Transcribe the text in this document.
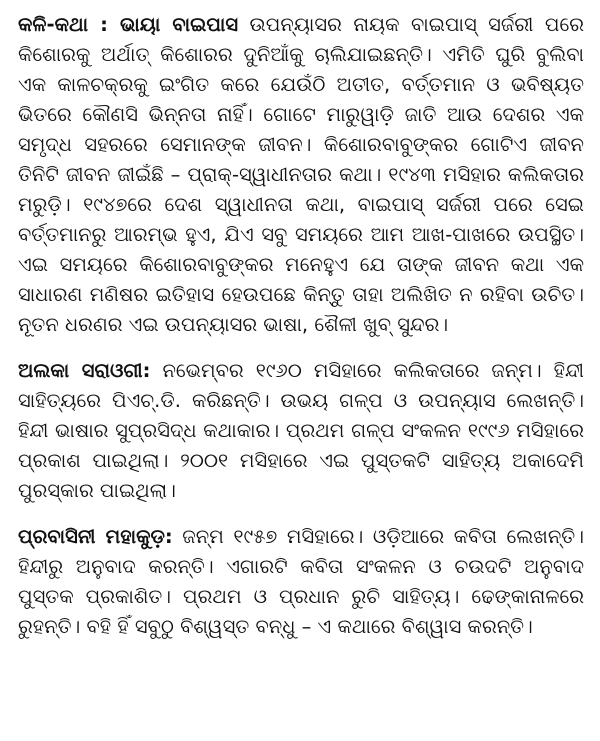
କଳି-କଥା : ଭାୟା ବାଇପାସ ଉପନ୍ୟାସର ନାୟକ ବାଇପାସ୍ ସର୍ଜରୀ ପରେ କିଶୋରକୁ ଅର୍ଥାତ୍ କିଶୋରର ଦୁନିଆଁକୁ ଚାଲିଯାଇଛନ୍ତି। ଏମିତି ଘୁରି ବୁଲିବା ଏକ କାଳଚକ୍ରକୁ ଇଂଗିତ କରେ ଯେଉଁଠି ଅତୀତ, ବର୍ତ୍ତମାନ ଓ ଭବିଷ୍ୟତ ଭିତରେ କୌଣସି ଭିନ୍ନତା ନାହିଁ। ଗୋଟେ ମାରୁୱାଡ଼ି ଜାତି ଆଉ ଦେଶର ଏକ ସମୃଦ୍ଧ ସହରରେ ସେମାନଙ୍କ ଜୀବନ। କିଶୋରବାବୁଙ୍କର ଗୋଟିଏ ଜୀବନ ତିନିଟି ଜୀବନ ଜୀଇଁଛି – ପ୍ରାକ୍-ସ୍ୱାଧୀନତାର କଥା। ୧୯୪୩ ମସିହାର କଲିକତାର ମରୁଡ଼ି। ୧୯୪୭ରେ ଦେଶ ସ୍ୱାଧୀନତା କଥା, ବାଇପାସ୍ ସର୍ଜରୀ ପରେ ସେଇ ବର୍ତ୍ତମାନରୁ ଆରମ୍ଭ ହୁଏ, ଯିଏ ସବୁ ସମୟରେ ଆମ ଆଖ-ପାଖରେ ଉପସ୍ଥିତ। ଏଇ ସମୟରେ କିଶୋରବାବୁଙ୍କର ମନେହୁଏ ଯେ ତାଙ୍କ ଜୀବନ କଥା ଏକ ସାଧାରଣ ମଣିଷର ଇତିହାସ ହେଉପଛେ କିନ୍ତୁ ତାହା ଅଲିଖିତ ନ ରହିବା ଉଚିତ। ନୂତନ ଧରଣର ଏଇ ଉପନ୍ୟାସର ଭାଷା, ଶୈଳୀ ଖୁବ୍ ସୁନ୍ଦର।

ଅଲକା ସରାଓଗୀ: ନଭେମ୍ବର ୧୯୬୦ ମସିହାରେ କଲିକତାରେ ଜନ୍ମ। ହିନ୍ଦୀ ସାହିତ୍ୟରେ ପିଏଚ୍.ଡି. କରିଛନ୍ତି। ଉଭୟ ଗଳ୍ପ ଓ ଉପନ୍ୟାସ ଲେଖନ୍ତି। ହିନ୍ଦୀ ଭାଷାର ସୁପ୍ରସିଦ୍ଧ କଥାକାର। ପ୍ରଥମ ଗଳ୍ପ ସଂକଳନ ୧୯୯୬ ମସିହାରେ ପ୍ରକାଶ ପାଇଥିଲା। ୨୦୦୧ ମସିହାରେ ଏଇ ପୁସ୍ତକଟି ସାହିତ୍ୟ ଅକାଦେମି ପୁରସ୍କାର ପାଇଥିଲା।

ପ୍ରବାସିନୀ ମହାକୁଡ଼: ଜନ୍ମ ୧୯୫୭ ମସିହାରେ। ଓଡ଼ିଆରେ କବିତା ଲେଖନ୍ତି। ହିନ୍ଦୀରୁ ଅନୁବାଦ କରନ୍ତି। ଏଗାରଟି କବିତା ସଂକଳନ ଓ ଚଉଦଟି ଅନୁବାଦ ପୁସ୍ତକ ପ୍ରକାଶିତ। ପ୍ରଥମ ଓ ପ୍ରଧାନ ରୁଚି ସାହିତ୍ୟ। ଢେଙ୍କାନାଳରେ ରୁହନ୍ତି। ବହି ହିଁ ସବୁଠୁ ବିଶ୍ୱସ୍ତ ବନ୍ଧୁ – ଏ କଥାରେ ବିଶ୍ୱାସ କରନ୍ତି।
